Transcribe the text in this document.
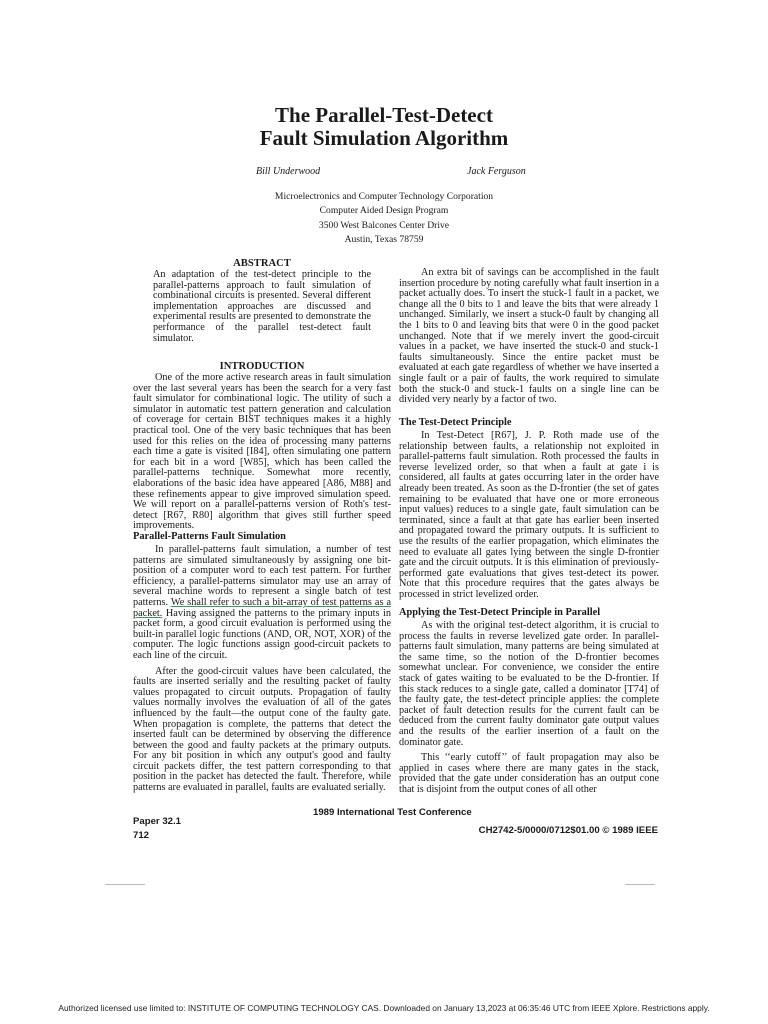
The Parallel-Test-Detect
Fault Simulation Algorithm
Bill Underwood	Jack Ferguson
Microelectronics and Computer Technology Corporation
Computer Aided Design Program
3500 West Balcones Center Drive
Austin, Texas 78759
ABSTRACT

An adaptation of the test-detect principle to the parallel-patterns approach to fault simulation of combinational circuits is presented. Several different implementation approaches are discussed and experimental results are presented to demonstrate the performance of the parallel test-detect fault simulator.

INTRODUCTION

One of the more active research areas in fault simulation over the last several years has been the search for a very fast fault simulator for combinational logic. The utility of such a simulator in automatic test pattern generation and calculation of coverage for certain BIST techniques makes it a highly practical tool. One of the very basic techniques that has been used for this relies on the idea of processing many patterns each time a gate is visited [I84], often simulating one pattern for each bit in a word [W85], which has been called the parallel-patterns technique. Somewhat more recently, elaborations of the basic idea have appeared [A86, M88] and these refinements appear to give improved simulation speed. We will report on a parallel-patterns version of Roth's test-detect [R67, R80] algorithm that gives still further speed improvements.

Parallel-Patterns Fault Simulation

In parallel-patterns fault simulation, a number of test patterns are simulated simultaneously by assigning one bit-position of a computer word to each test pattern. For further efficiency, a parallel-patterns simulator may use an array of several machine words to represent a single batch of test patterns. We shall refer to such a bit-array of test patterns as a packet. Having assigned the patterns to the primary inputs in packet form, a good circuit evaluation is performed using the built-in parallel logic functions (AND, OR, NOT, XOR) of the computer. The logic functions assign good-circuit packets to each line of the circuit.

After the good-circuit values have been calculated, the faults are inserted serially and the resulting packet of faulty values propagated to circuit outputs. Propagation of faulty values normally involves the evaluation of all of the gates influenced by the fault—the output cone of the faulty gate. When propagation is complete, the patterns that detect the inserted fault can be determined by observing the difference between the good and faulty packets at the primary outputs. For any bit position in which any output's good and faulty circuit packets differ, the test pattern corresponding to that position in the packet has detected the fault. Therefore, while patterns are evaluated in parallel, faults are evaluated serially.

An extra bit of savings can be accomplished in the fault insertion procedure by noting carefully what fault insertion in a packet actually does. To insert the stuck-1 fault in a packet, we change all the 0 bits to 1 and leave the bits that were already 1 unchanged. Similarly, we insert a stuck-0 fault by changing all the 1 bits to 0 and leaving bits that were 0 in the good packet unchanged. Note that if we merely invert the good-circuit values in a packet, we have inserted the stuck-0 and stuck-1 faults simultaneously. Since the entire packet must be evaluated at each gate regardless of whether we have inserted a single fault or a pair of faults, the work required to simulate both the stuck-0 and stuck-1 faults on a single line can be divided very nearly by a factor of two.

The Test-Detect Principle

In Test-Detect [R67], J. P. Roth made use of the relationship between faults, a relationship not exploited in parallel-patterns fault simulation. Roth processed the faults in reverse levelized order, so that when a fault at gate i is considered, all faults at gates occurring later in the order have already been treated. As soon as the D-frontier (the set of gates remaining to be evaluated that have one or more erroneous input values) reduces to a single gate, fault simulation can be terminated, since a fault at that gate has earlier been inserted and propagated toward the primary outputs. It is sufficient to use the results of the earlier propagation, which eliminates the need to evaluate all gates lying between the single D-frontier gate and the circuit outputs. It is this elimination of previously-performed gate evaluations that gives test-detect its power. Note that this procedure requires that the gates always be processed in strict levelized order.

Applying the Test-Detect Principle in Parallel

As with the original test-detect algorithm, it is crucial to process the faults in reverse levelized gate order. In parallel-patterns fault simulation, many patterns are being simulated at the same time, so the notion of the D-frontier becomes somewhat unclear. For convenience, we consider the entire stack of gates waiting to be evaluated to be the D-frontier. If this stack reduces to a single gate, called a dominator [T74] of the faulty gate, the test-detect principle applies: the complete packet of fault detection results for the current fault can be deduced from the current faulty dominator gate output values and the results of the earlier insertion of a fault on the dominator gate.

This ‘‘early cutoff’’ of fault propagation may also be applied in cases where there are many gates in the stack, provided that the gate under consideration has an output cone that is disjoint from the output cones of all other

1989 International Test Conference
Paper 32.1
712	CH2742-5/0000/0712$01.00 © 1989 IEEE
Authorized licensed use limited to: INSTITUTE OF COMPUTING TECHNOLOGY CAS. Downloaded on January 13,2023 at 06:35:46 UTC from IEEE Xplore. Restrictions apply.
